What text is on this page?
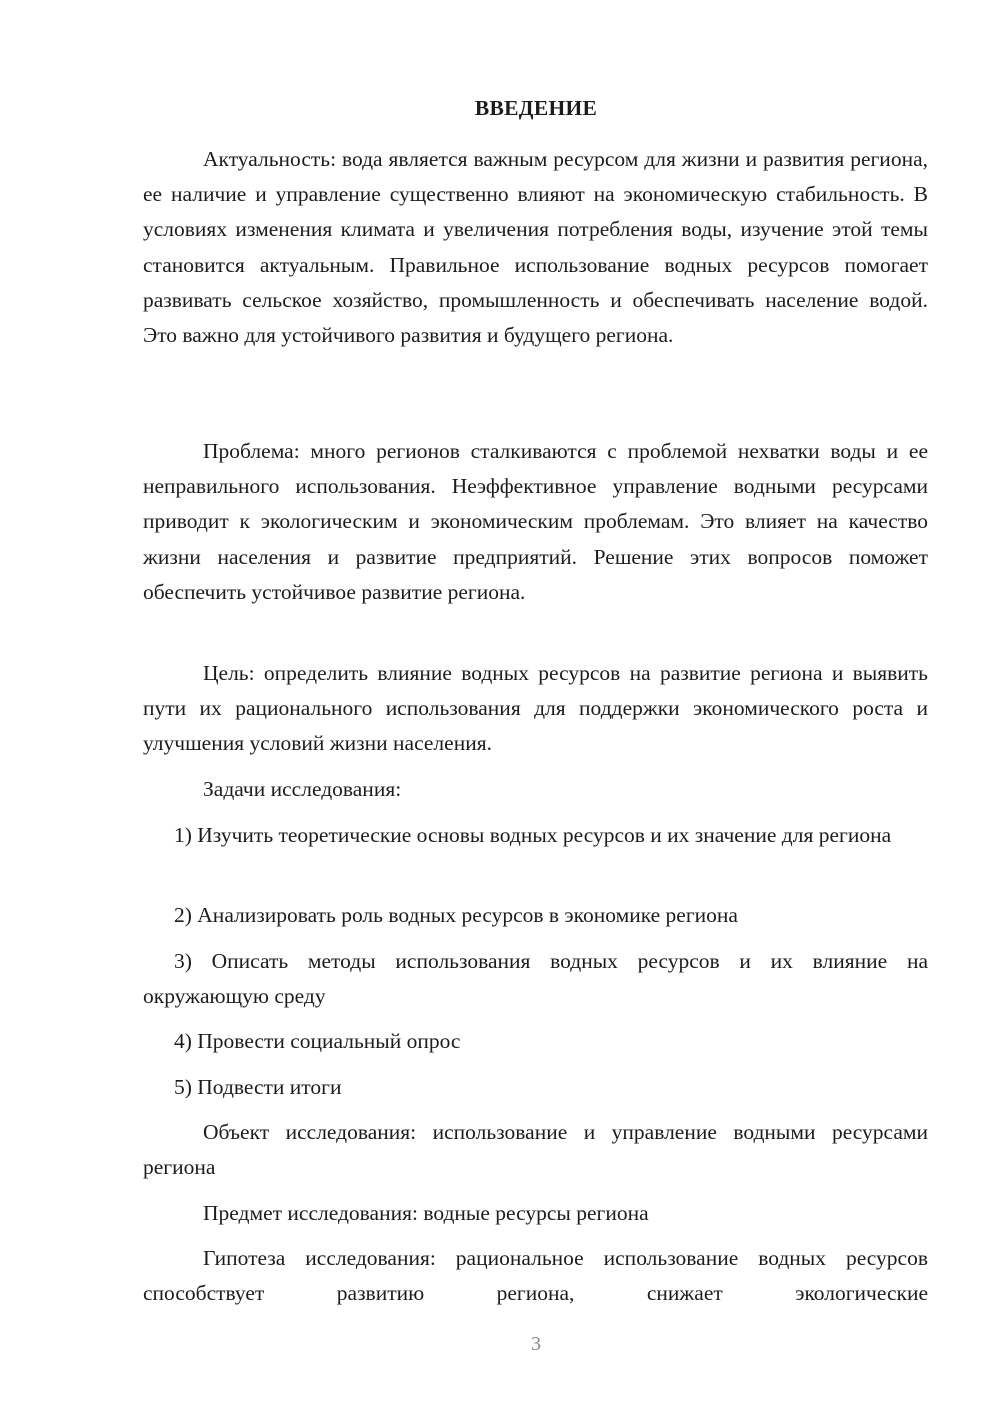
ВВЕДЕНИЕ
Актуальность: вода является важным ресурсом для жизни и развития региона, ее наличие и управление существенно влияют на экономическую стабильность. В условиях изменения климата и увеличения потребления воды, изучение этой темы становится актуальным. Правильное использование водных ресурсов помогает развивать сельское хозяйство, промышленность и обеспечивать население водой. Это важно для устойчивого развития и будущего региона.
Проблема: много регионов сталкиваются с проблемой нехватки воды и ее неправильного использования. Неэффективное управление водными ресурсами приводит к экологическим и экономическим проблемам. Это влияет на качество жизни населения и развитие предприятий. Решение этих вопросов поможет обеспечить устойчивое развитие региона.
Цель: определить влияние водных ресурсов на развитие региона и выявить пути их рационального использования для поддержки экономического роста и улучшения условий жизни населения.
Задачи исследования:
1) Изучить теоретические основы водных ресурсов и их значение для региона
2) Анализировать роль водных ресурсов в экономике региона
3) Описать методы использования водных ресурсов и их влияние на окружающую среду
4) Провести социальный опрос
5) Подвести итоги
Объект исследования: использование и управление водными ресурсами региона
Предмет исследования: водные ресурсы региона
Гипотеза исследования: рациональное использование водных ресурсов способствует развитию региона, снижает экологические
3
